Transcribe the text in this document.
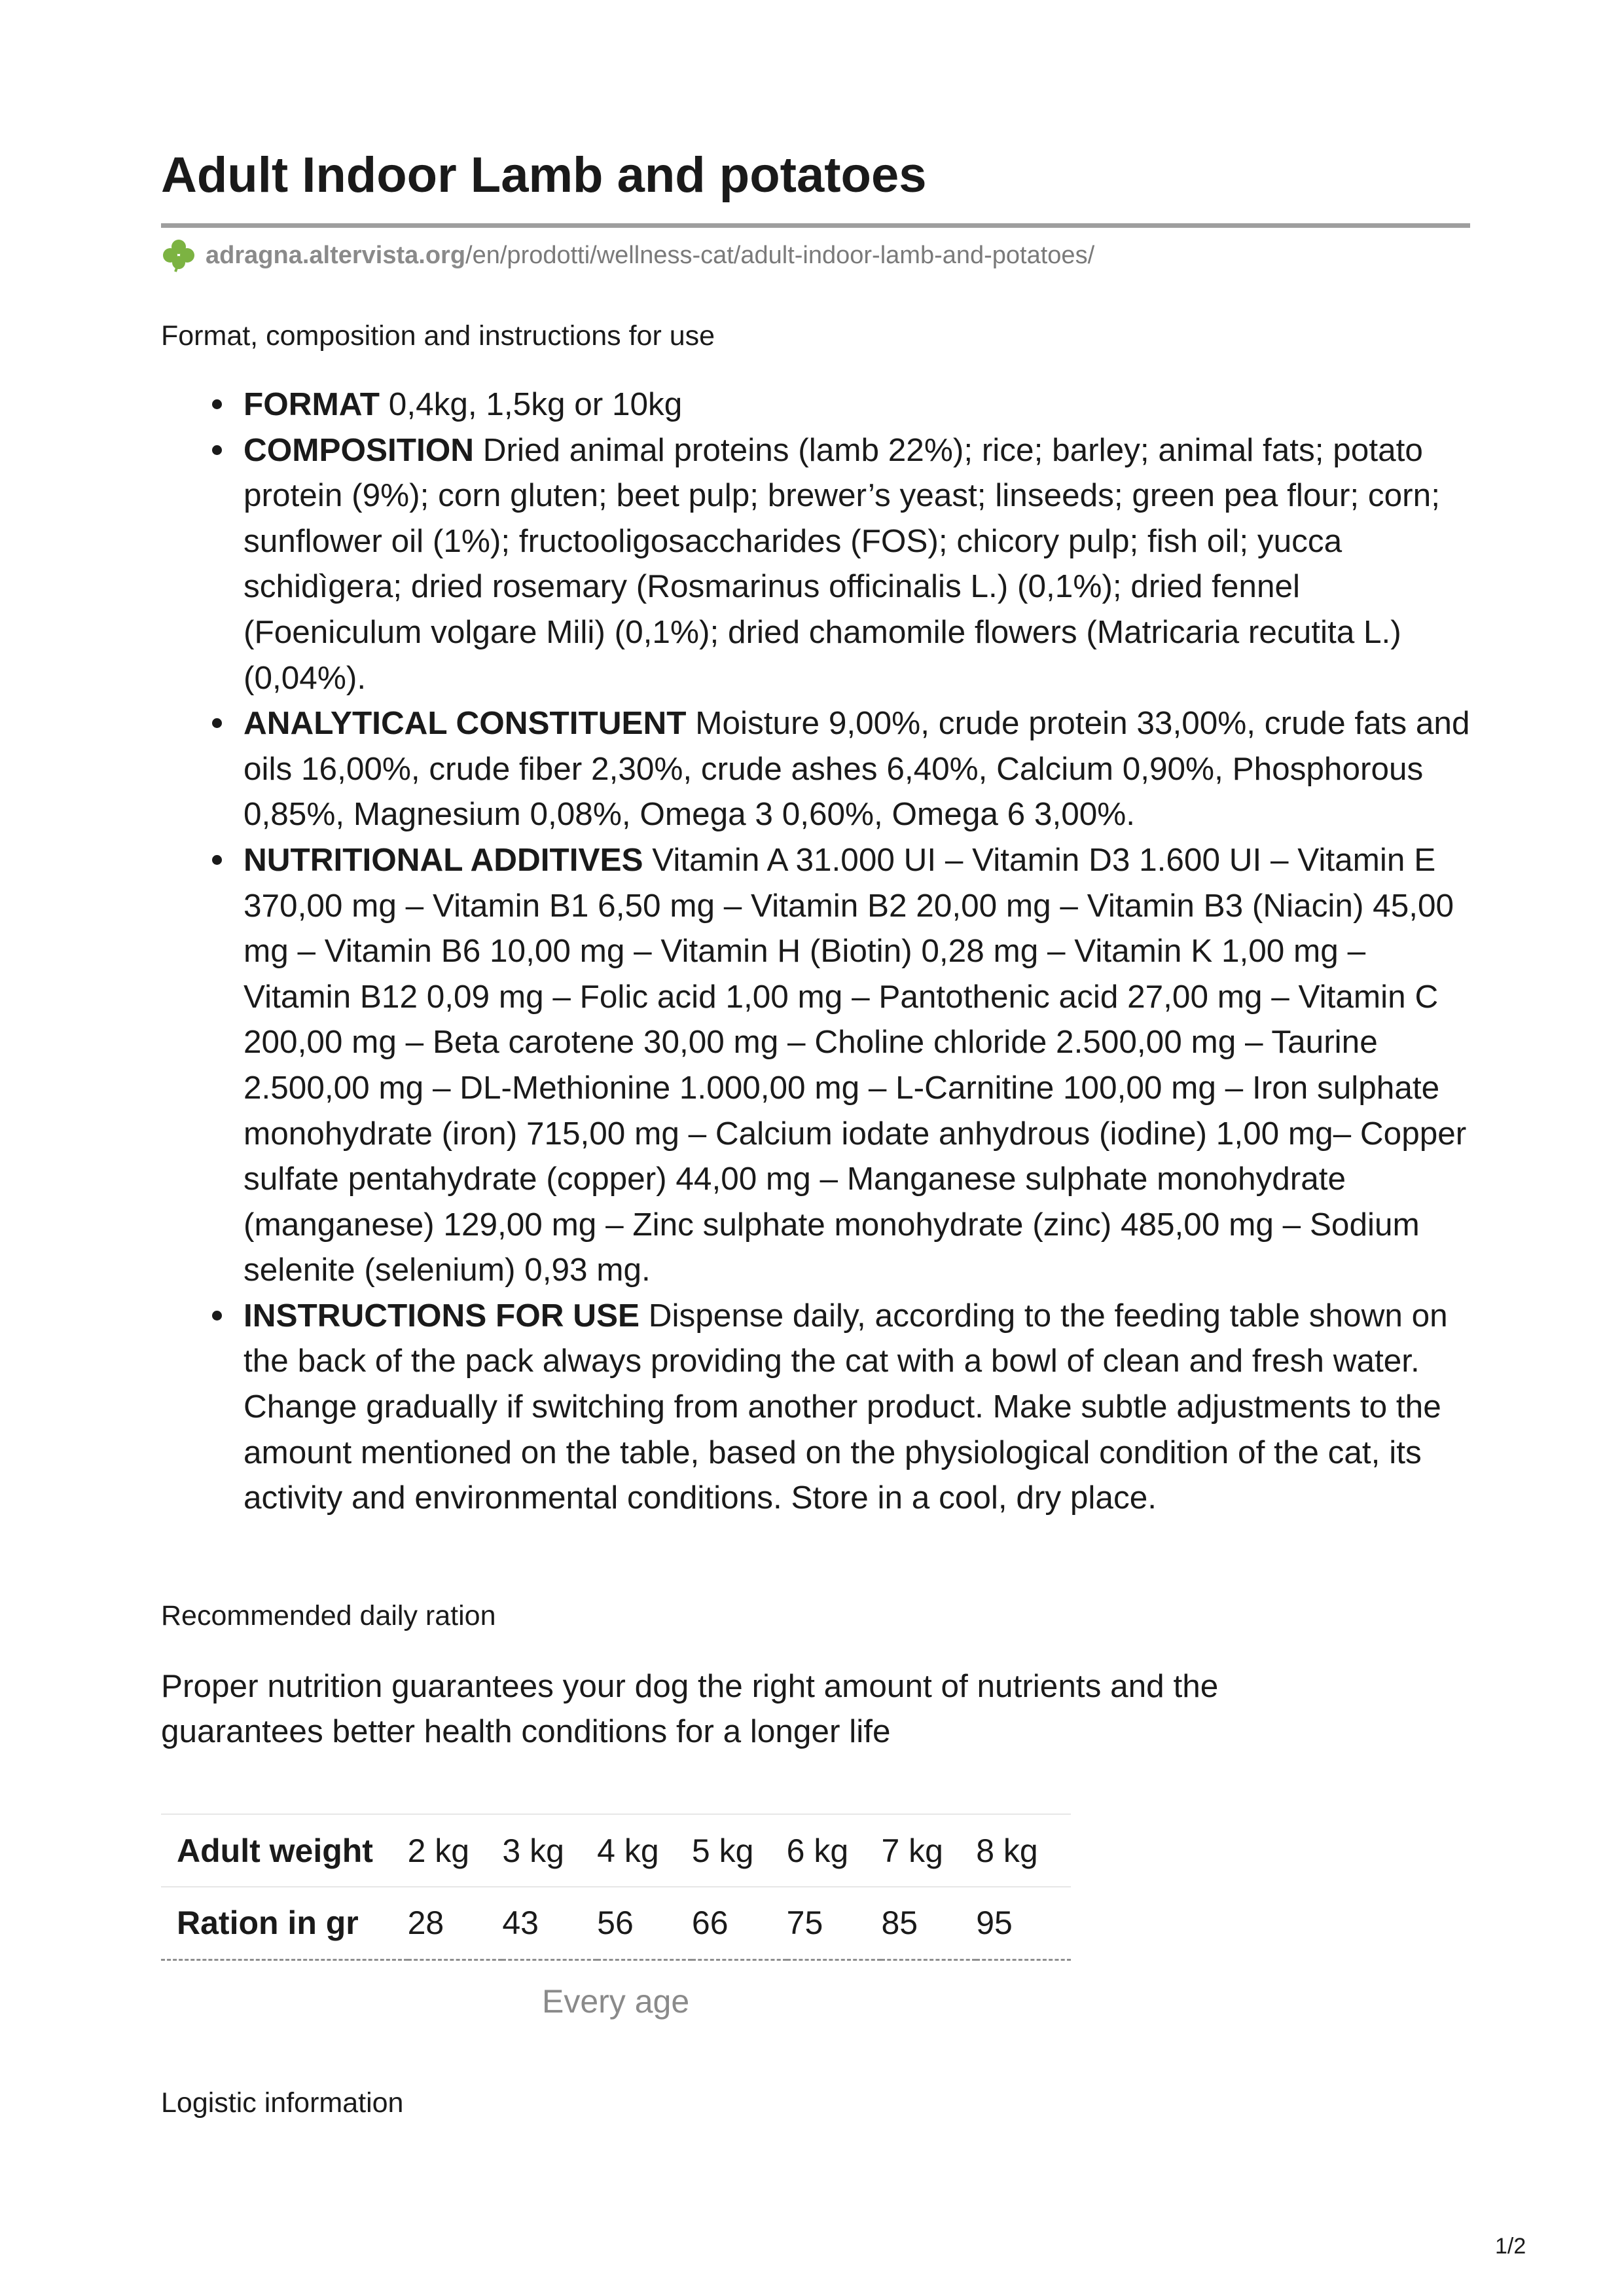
Adult Indoor Lamb and potatoes
adragna.altervista.org /en/prodotti/wellness-cat/adult-indoor-lamb-and-potatoes/
Format, composition and instructions for use
FORMAT 0,4kg, 1,5kg or 10kg
COMPOSITION Dried animal proteins (lamb 22%); rice; barley; animal fats; potato protein (9%); corn gluten; beet pulp; brewer’s yeast; linseeds; green pea flour; corn; sunflower oil (1%); fructooligosaccharides (FOS); chicory pulp; fish oil; yucca schidìgera; dried rosemary (Rosmarinus officinalis L.) (0,1%); dried fennel (Foeniculum volgare Mili) (0,1%); dried chamomile flowers (Matricaria recutita L.) (0,04%).
ANALYTICAL CONSTITUENT Moisture 9,00%, crude protein 33,00%, crude fats and oils 16,00%, crude fiber 2,30%, crude ashes 6,40%, Calcium 0,90%, Phosphorous 0,85%, Magnesium 0,08%, Omega 3 0,60%, Omega 6 3,00%.
NUTRITIONAL ADDITIVES Vitamin A 31.000 UI – Vitamin D3 1.600 UI – Vitamin E 370,00 mg – Vitamin B1 6,50 mg – Vitamin B2 20,00 mg – Vitamin B3 (Niacin) 45,00 mg – Vitamin B6 10,00 mg – Vitamin H (Biotin) 0,28 mg – Vitamin K 1,00 mg – Vitamin B12 0,09 mg – Folic acid 1,00 mg – Pantothenic acid 27,00 mg – Vitamin C 200,00 mg – Beta carotene 30,00 mg – Choline chloride 2.500,00 mg – Taurine 2.500,00 mg – DL-Methionine 1.000,00 mg – L-Carnitine 100,00 mg – Iron sulphate monohydrate (iron) 715,00 mg – Calcium iodate anhydrous (iodine) 1,00 mg– Copper sulfate pentahydrate (copper) 44,00 mg – Manganese sulphate monohydrate (manganese) 129,00 mg – Zinc sulphate monohydrate (zinc) 485,00 mg – Sodium selenite (selenium) 0,93 mg.
INSTRUCTIONS FOR USE Dispense daily, according to the feeding table shown on the back of the pack always providing the cat with a bowl of clean and fresh water. Change gradually if switching from another product. Make subtle adjustments to the amount mentioned on the table, based on the physiological condition of the cat, its activity and environmental conditions. Store in a cool, dry place.
Recommended daily ration
Proper nutrition guarantees your dog the right amount of nutrients and the guarantees better health conditions for a longer life
Adult weight	2 kg	3 kg	4 kg	5 kg	6 kg	7 kg	8 kg
Ration in gr	28	43	56	66	75	85	95
Every age
Logistic information
1/2
